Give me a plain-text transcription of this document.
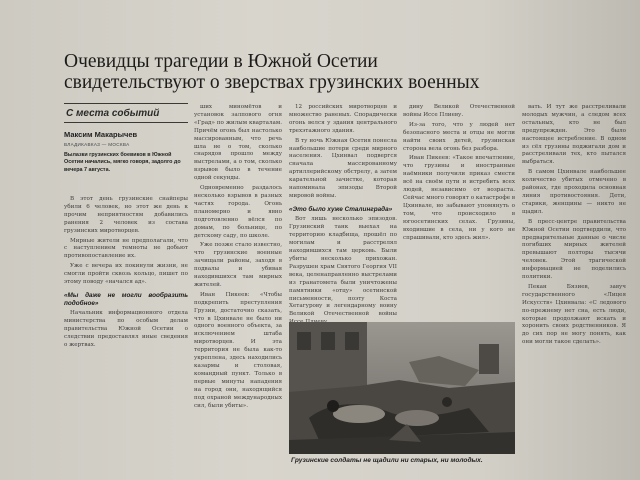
Очевидцы трагедии в Южной Осетии свидетельствуют о зверствах грузинских военных
С места событий
Максим Макарычев
ВЛАДИКАВКАЗ — МОСКВА
Вылазки грузинских боевиков в Южной Осетии начались, мягко говоря, задолго до вечера 7 августа.

В этот день грузинские снайперы убили 6 человек, но этот же день к прочим неприятностям добавились ранения 2 человек из состава грузинских миротворцев.

Мирные жители не предполагали, что с наступлением темноты не добьют противопоставление их.

Уже с вечера их покинули жизни, не смогли пройти сквозь кольцо, пишет по этому поводу «начался ад».

«Мы даже не могли вообразить подобное»

Начальник информационного отдела министерства по особым делам правительства Южной Осетии о следствии предоставлял иные сведения о жертвах.

ших миномётов и установок залпового огня «Град» по жилым кварталам. Причём огонь был настолько массированным, что речь шла не о том, сколько снарядов прошло между выстрелами, а о том, сколько взрывов было в течение одной секунды.

Одновременно раздалось несколько взрывов в разных частях города. Огонь планомерно и явно подготовленно вёлся по домам, по больнице, по детскому саду, по школе.

Уже позже стало известно, что грузинские военные зачищали районы, заходя в подвалы и убивая находившихся там мирных жителей.

Иван Пикеев: «Чтобы подкрепить преступления Грузии, достаточно сказать, что в Цхинвале не было ни одного военного объекта, за исключением штаба миротворцев. И эта территория не была как-то укреплена, здесь находились казармы и столовая, командный пункт. Только в первые минуты нападения на город они, находящийся под охраной международных сил, были убиты».

12 российских миротворцев и множество раненых. Спорадически огонь велся у здания центрального трехэтажного здания.

В ту ночь Южная Осетия понесла наибольшие потери среди мирного населения. Цхинвал подвергся сначала массированному артиллерийскому обстрелу, а затем карательной зачистке, которая напоминала эпизоды Второй мировой войны.

«Это было хуже Сталинграда»

Вот лишь несколько эпизодов. Грузинский танк выехал на территорию кладбища, прошёл по могилам и расстрелял находившихся там церковь. Были убиты несколько прихожан. Разрушен храм Святого Георгия VII века, целенаправленно выстрелами из гранатомета были уничтожены памятники «отцу» осетинской письменности, поэту Коста Хетагурову и легендарному воину Великой Отечественной войны

дину Великой Отечественной войны Иссе Плиеву.

Из-за того, что у людей нет безопасного места и отцы не могли найти своих детей, грузинская сторона вела огонь без разбора.

Иван Пикеев: «Такое впечатление, что грузины и иностранные наёмники получили приказ смести всё на своём пути и истребить всех людей, независимо от возраста. Сейчас много говорят о катастрофе в Цхинвале, но забывают упомянуть о том, что происходило в югоосетинских селах. Грузины, входившие в села, ни у кого не спрашивали, кто здесь жил».

вать. И тут же расстреливали молодых мужчин, а следом всех остальных, кто не был предупрежден. Это было настоящее истребление. В одном из сёл грузины поджигали дом и расстреливали тех, кто пытался выбраться.

В самом Цхинвале наибольшее количество убитых отмечено в районах, где проходила основная линия противостояния. Дети, старики, женщины — никто не щадил.

В пресс-центре правительства Южной Осетии подтвердили, что предварительные данные о числе погибших мирных жителей превышают полторы тысячи человек. Этой трагической информацией не поделились политики.

Пекан Бязиев, завуч государственного «Лицея Искусств» Цхинвала: «С ледового по-прежнему нет сна, есть люди, которые продолжают искать и хоронить своих родственников. Я до сих пор не могу понять, как они могли такое сделать».

Грузинские солдаты не щадили ни старых, ни молодых.
